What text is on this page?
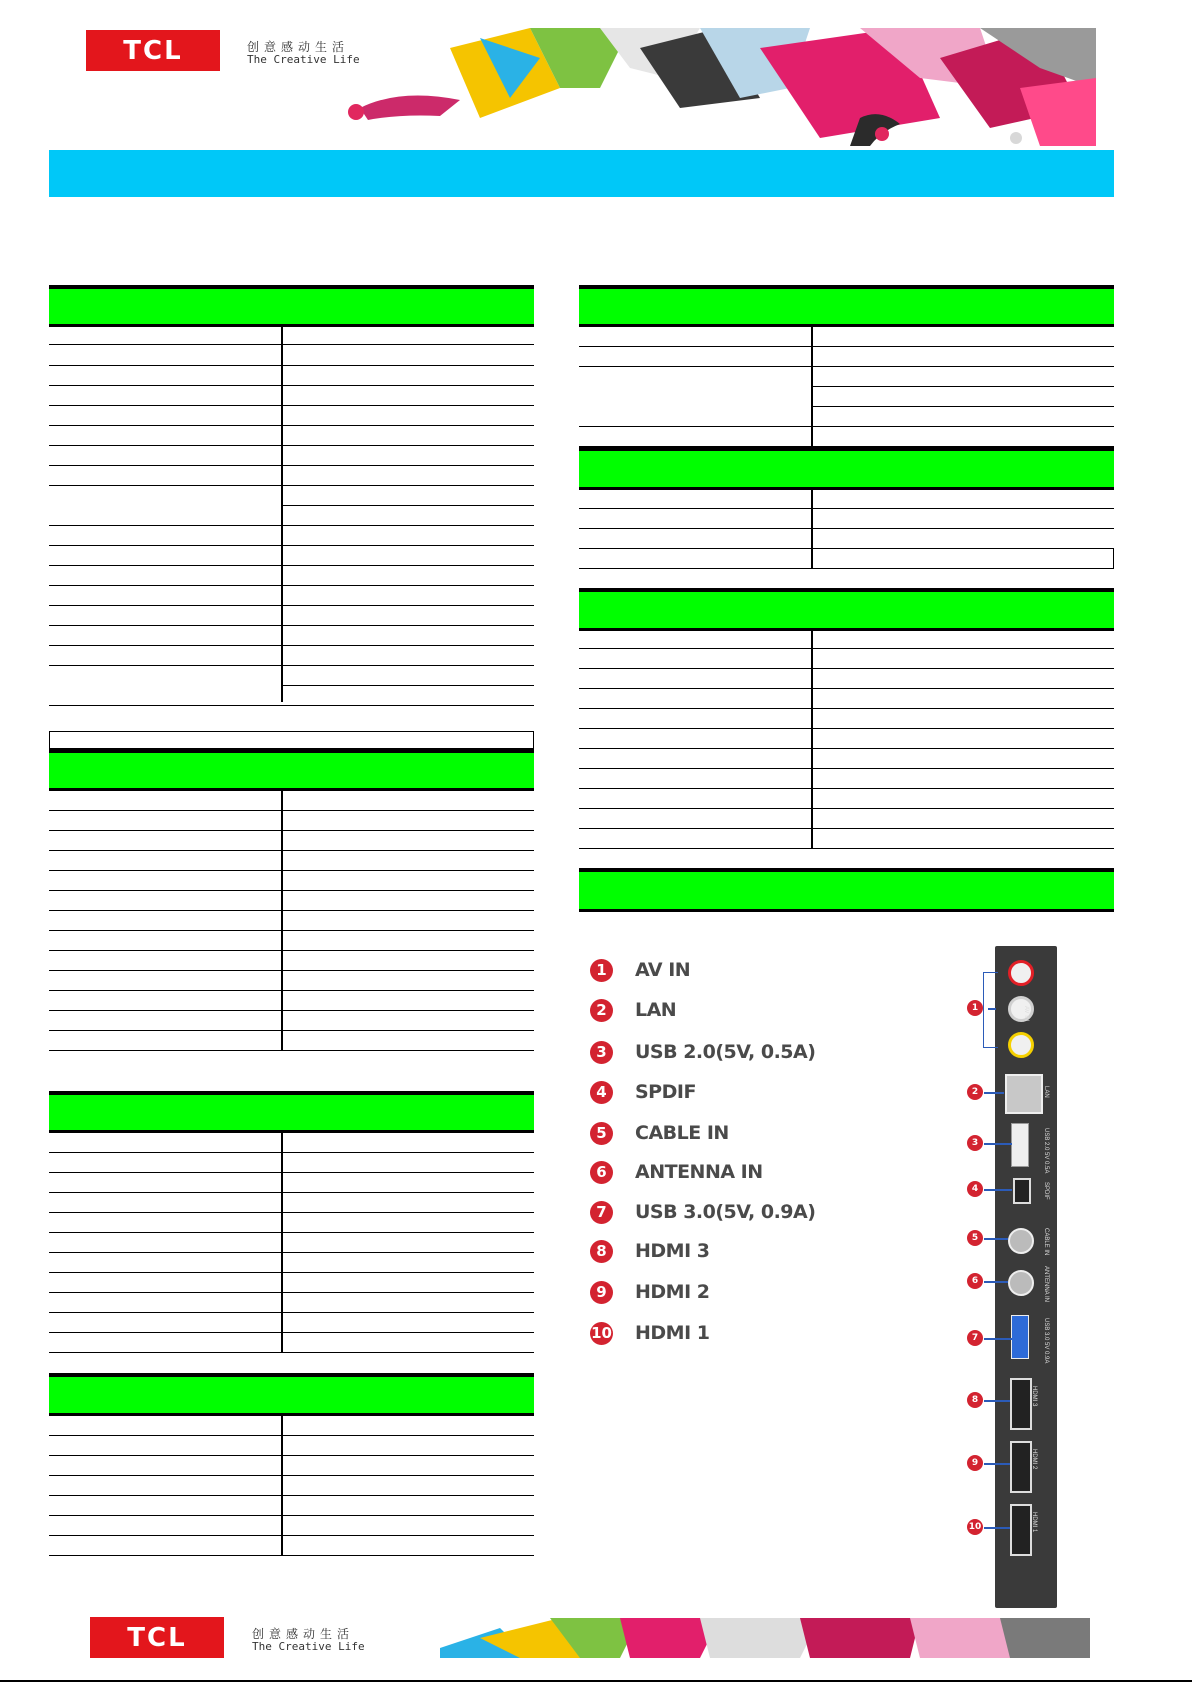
TCL	创意感动生活
The Creative Life
1	AV IN
2	LAN
3	USB 2.0(5V, 0.5A)
4	SPDIF
5	CABLE IN
6	ANTENNA IN
7	USB 3.0(5V, 0.9A)
8	HDMI 3
9	HDMI 2
10 HDMI 1
AV IN
LAN
USB 2.0 5V 0.5A
SPDIF
CABLE IN
ANTENNA IN
USB 3.0 5V 0.9A
HDMI 3
HDMI 2
HDMI 1
1
2
3
4
5
6
7
8
9
10
TCL	创意感动生活
The Creative Life
